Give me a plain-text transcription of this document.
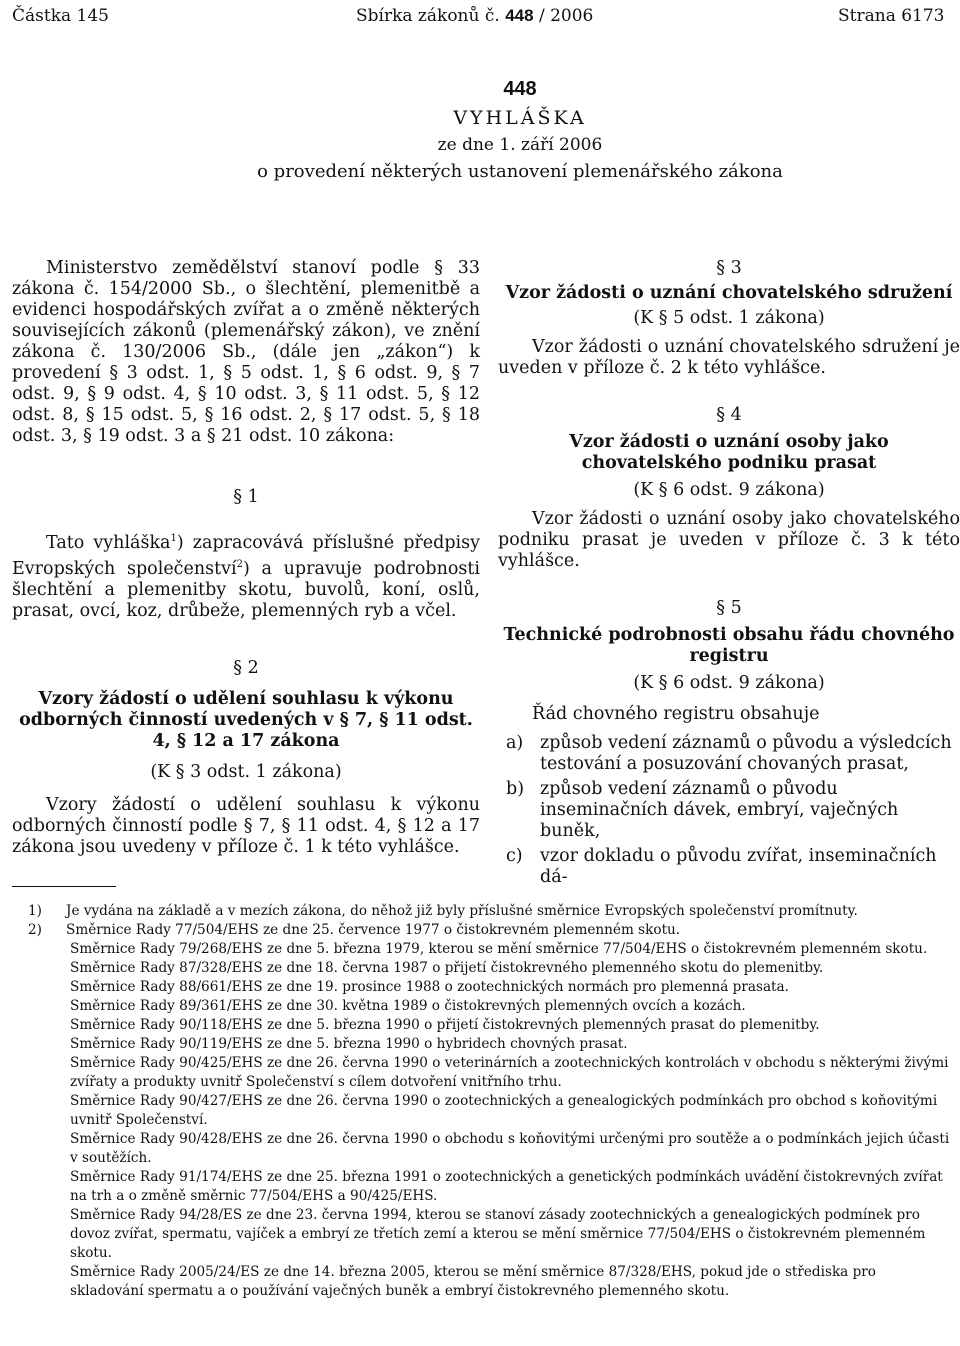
Částka 145	Sbírka zákonů č. 448 / 2006	Strana 6173
448
VYHLÁŠKA
ze dne 1. září 2006
o provedení některých ustanovení plemenářského zákona

Ministerstvo zemědělství stanoví podle § 33 zákona č. 154/2000 Sb., o šlechtění, plemenitbě a evidenci hospodářských zvířat a o změně některých souvisejících zákonů (plemenářský zákon), ve znění zákona č. 130/2006 Sb., (dále jen „zákon“) k provedení § 3 odst. 1, § 5 odst. 1, § 6 odst. 9, § 7 odst. 9, § 9 odst. 4, § 10 odst. 3, § 11 odst. 5, § 12 odst. 8, § 15 odst. 5, § 16 odst. 2, § 17 odst. 5, § 18 odst. 3, § 19 odst. 3 a § 21 odst. 10 zákona:

§ 1

Tato vyhláška$^1$) zapracovává příslušné předpisy Evropských společenství$^2$) a upravuje podrobnosti šlechtění a plemenitby skotu, buvolů, koní, oslů, prasat, ovcí, koz, drůbeže, plemenných ryb a včel.

§ 2

Vzory žádostí o udělení souhlasu k výkonu odborných činností uvedených v § 7, § 11 odst. 4, § 12 a 17 zákona

(K § 3 odst. 1 zákona)

Vzory žádostí o udělení souhlasu k výkonu odborných činností podle § 7, § 11 odst. 4, § 12 a 17 zákona jsou uvedeny v příloze č. 1 k této vyhlášce.

§ 3

Vzor žádosti o uznání chovatelského sdružení

(K § 5 odst. 1 zákona)

Vzor žádosti o uznání chovatelského sdružení je uveden v příloze č. 2 k této vyhlášce.

§ 4

Vzor žádosti o uznání osoby jako chovatelského podniku prasat

(K § 6 odst. 9 zákona)

Vzor žádosti o uznání osoby jako chovatelského podniku prasat je uveden v příloze č. 3 k této vyhlášce.

§ 5

Technické podrobnosti obsahu řádu chovného registru

(K § 6 odst. 9 zákona)

Řád chovného registru obsahuje

a) způsob vedení záznamů o původu a výsledcích testování a posuzování chovaných prasat,
b) způsob vedení záznamů o původu inseminačních dávek, embryí, vaječných buněk,
c) vzor dokladu o původu zvířat, inseminačních dá-

1) Je vydána na základě a v mezích zákona, do něhož již byly příslušné směrnice Evropských společenství promítnuty.

2) Směrnice Rady 77/504/EHS ze dne 25. července 1977 o čistokrevném plemenném skotu.

Směrnice Rady 79/268/EHS ze dne 5. března 1979, kterou se mění směrnice 77/504/EHS o čistokrevném plemenném skotu.

Směrnice Rady 87/328/EHS ze dne 18. června 1987 o přijetí čistokrevného plemenného skotu do plemenitby.

Směrnice Rady 88/661/EHS ze dne 19. prosince 1988 o zootechnických normách pro plemenná prasata.

Směrnice Rady 89/361/EHS ze dne 30. května 1989 o čistokrevných plemenných ovcích a kozách.

Směrnice Rady 90/118/EHS ze dne 5. března 1990 o přijetí čistokrevných plemenných prasat do plemenitby.

Směrnice Rady 90/119/EHS ze dne 5. března 1990 o hybridech chovných prasat.

Směrnice Rady 90/425/EHS ze dne 26. června 1990 o veterinárních a zootechnických kontrolách v obchodu s některými živými zvířaty a produkty uvnitř Společenství s cílem dotvoření vnitřního trhu.

Směrnice Rady 90/427/EHS ze dne 26. června 1990 o zootechnických a genealogických podmínkách pro obchod s koňovitými uvnitř Společenství.

Směrnice Rady 90/428/EHS ze dne 26. června 1990 o obchodu s koňovitými určenými pro soutěže a o podmínkách jejich účasti v soutěžích.

Směrnice Rady 91/174/EHS ze dne 25. března 1991 o zootechnických a genetických podmínkách uvádění čistokrevných zvířat na trh a o změně směrnic 77/504/EHS a 90/425/EHS.

Směrnice Rady 94/28/ES ze dne 23. června 1994, kterou se stanoví zásady zootechnických a genealogických podmínek pro dovoz zvířat, spermatu, vajíček a embryí ze třetích zemí a kterou se mění směrnice 77/504/EHS o čistokrevném plemenném skotu.

Směrnice Rady 2005/24/ES ze dne 14. března 2005, kterou se mění směrnice 87/328/EHS, pokud jde o střediska pro skladování spermatu a o používání vaječných buněk a embryí čistokrevného plemenného skotu.
